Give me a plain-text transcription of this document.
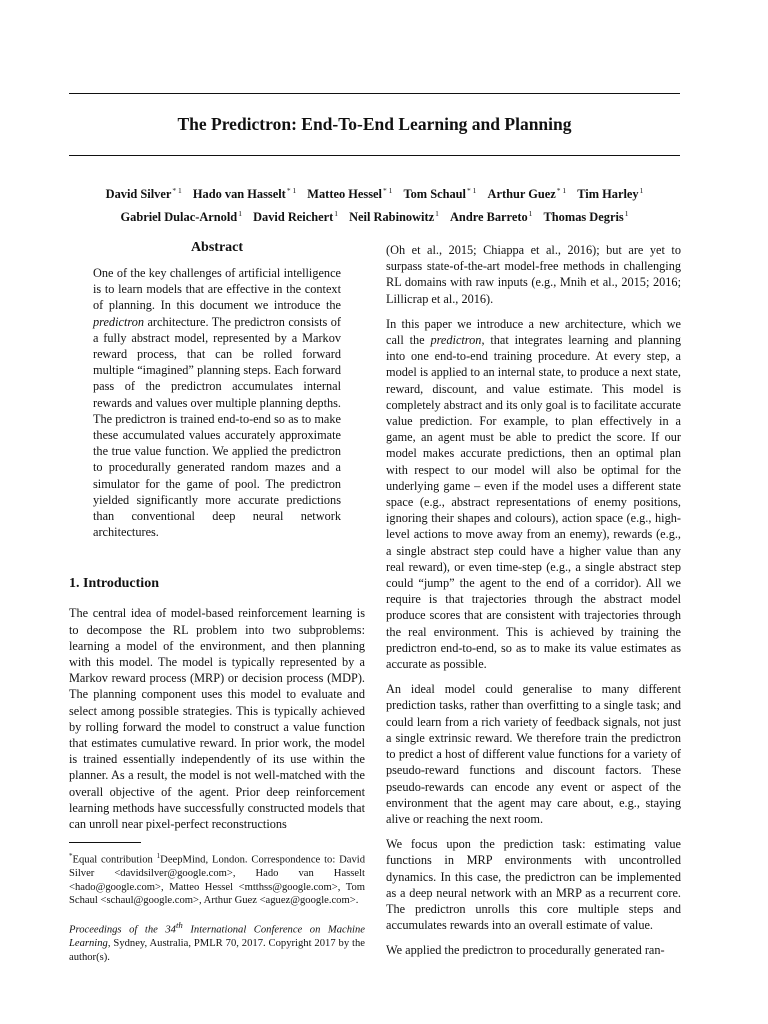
The Predictron: End-To-End Learning and Planning
David Silver$^{* 1}$ Hado van Hasselt$^{* 1}$ Matteo Hessel$^{* 1}$ Tom Schaul$^{* 1}$ Arthur Guez$^{* 1}$ Tim Harley$^1$
Gabriel Dulac-Arnold$^1$ David Reichert$^1$ Neil Rabinowitz$^1$ Andre Barreto$^1$ Thomas Degris$^1$
Abstract
One of the key challenges of artificial intelligence is to learn models that are effective in the context of planning. In this document we introduce the predictron architecture. The predictron consists of a fully abstract model, represented by a Markov reward process, that can be rolled forward multiple “imagined” planning steps. Each forward pass of the predictron accumulates internal rewards and values over multiple planning depths. The predictron is trained end-to-end so as to make these accumulated values accurately approximate the true value function. We applied the predictron to procedurally generated random mazes and a simulator for the game of pool. The predictron yielded significantly more accurate predictions than conventional deep neural network architectures.
1. Introduction

The central idea of model-based reinforcement learning is to decompose the RL problem into two subproblems: learning a model of the environment, and then planning with this model. The model is typically represented by a Markov reward process (MRP) or decision process (MDP). The planning component uses this model to evaluate and select among possible strategies. This is typically achieved by rolling forward the model to construct a value function that estimates cumulative reward. In prior work, the model is trained essentially independently of its use within the planner. As a result, the model is not well-matched with the overall objective of the agent. Prior deep reinforcement learning methods have successfully constructed models that can unroll near pixel-perfect reconstructions

*Equal contribution $^1$DeepMind, London. Correspondence to: David Silver <davidsilver@google.com>, Hado van Hasselt <hado@google.com>, Matteo Hessel <mtthss@google.com>, Tom Schaul <schaul@google.com>, Arthur Guez <aguez@google.com>.

Proceedings of the 34th International Conference on Machine Learning, Sydney, Australia, PMLR 70, 2017. Copyright 2017 by the author(s).

(Oh et al., 2015; Chiappa et al., 2016); but are yet to surpass state-of-the-art model-free methods in challenging RL domains with raw inputs (e.g., Mnih et al., 2015; 2016; Lillicrap et al., 2016).

In this paper we introduce a new architecture, which we call the predictron, that integrates learning and planning into one end-to-end training procedure. At every step, a model is applied to an internal state, to produce a next state, reward, discount, and value estimate. This model is completely abstract and its only goal is to facilitate accurate value prediction. For example, to plan effectively in a game, an agent must be able to predict the score. If our model makes accurate predictions, then an optimal plan with respect to our model will also be optimal for the underlying game – even if the model uses a different state space (e.g., abstract representations of enemy positions, ignoring their shapes and colours), action space (e.g., high-level actions to move away from an enemy), rewards (e.g., a single abstract step could have a higher value than any real reward), or even time-step (e.g., a single abstract step could “jump” the agent to the end of a corridor). All we require is that trajectories through the abstract model produce scores that are consistent with trajectories through the real environment. This is achieved by training the predictron end-to-end, so as to make its value estimates as accurate as possible.

An ideal model could generalise to many different prediction tasks, rather than overfitting to a single task; and could learn from a rich variety of feedback signals, not just a single extrinsic reward. We therefore train the predictron to predict a host of different value functions for a variety of pseudo-reward functions and discount factors. These pseudo-rewards can encode any event or aspect of the environment that the agent may care about, e.g., staying alive or reaching the next room.

We focus upon the prediction task: estimating value functions in MRP environments with uncontrolled dynamics. In this case, the predictron can be implemented as a deep neural network with an MRP as a recurrent core. The predictron unrolls this core multiple steps and accumulates rewards into an overall estimate of value.

We applied the predictron to procedurally generated ran-
